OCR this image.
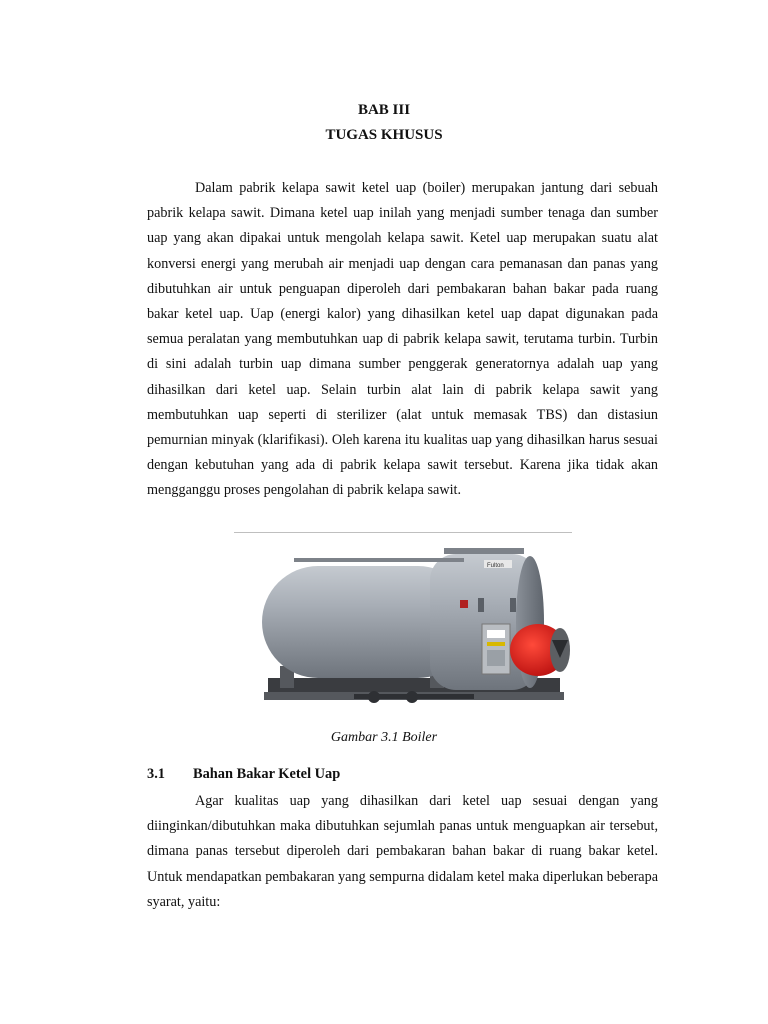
BAB III
TUGAS KHUSUS

Dalam pabrik kelapa sawit ketel uap (boiler) merupakan jantung dari sebuah pabrik kelapa sawit. Dimana ketel uap inilah yang menjadi sumber tenaga dan sumber uap yang akan dipakai untuk mengolah kelapa sawit. Ketel uap merupakan suatu alat konversi energi yang merubah air menjadi uap dengan cara pemanasan dan panas yang dibutuhkan air untuk penguapan diperoleh dari pembakaran bahan bakar pada ruang bakar ketel uap. Uap (energi kalor) yang dihasilkan ketel uap dapat digunakan pada semua peralatan yang membutuhkan uap di pabrik kelapa sawit, terutama turbin. Turbin di sini adalah turbin uap dimana sumber penggerak generatornya adalah uap yang dihasilkan dari ketel uap. Selain turbin alat lain di pabrik kelapa sawit yang membutuhkan uap seperti di sterilizer (alat untuk memasak TBS) dan distasiun pemurnian minyak (klarifikasi). Oleh karena itu kualitas uap yang dihasilkan harus sesuai dengan kebutuhan yang ada di pabrik kelapa sawit tersebut. Karena jika tidak akan mengganggu proses pengolahan di pabrik kelapa sawit.

Fulton
Gambar 3.1 Boiler
3.1 Bahan Bakar Ketel Uap

Agar kualitas uap yang dihasilkan dari ketel uap sesuai dengan yang diinginkan/dibutuhkan maka dibutuhkan sejumlah panas untuk menguapkan air tersebut, dimana panas tersebut diperoleh dari pembakaran bahan bakar di ruang bakar ketel. Untuk mendapatkan pembakaran yang sempurna didalam ketel maka diperlukan beberapa syarat, yaitu:
